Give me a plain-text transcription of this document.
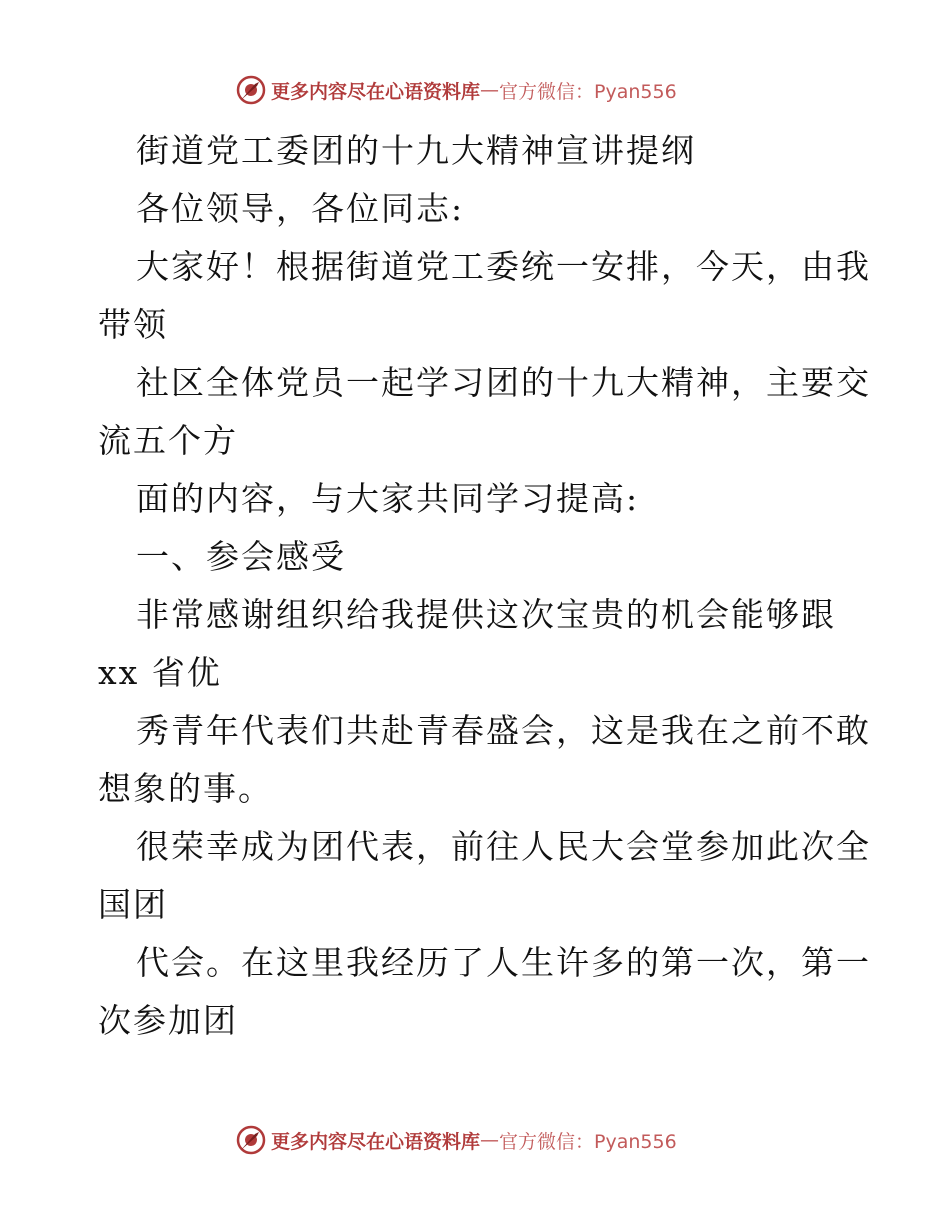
更多内容尽在心语资料库 — 官方微信：Pyan556
街道党工委团的十九大精神宣讲提纲
各位领导，各位同志:
大家好！根据街道党工委统一安排，今天，由我
带领
社区全体党员一起学习团的十九大精神，主要交
流五个方
面的内容，与大家共同学习提高:
一、参会感受
非常感谢组织给我提供这次宝贵的机会能够跟
xx 省优
秀青年代表们共赴青春盛会，这是我在之前不敢
想象的事。
很荣幸成为团代表，前往人民大会堂参加此次全
国团
代会。在这里我经历了人生许多的第一次，第一
次参加团
更多内容尽在心语资料库 — 官方微信：Pyan556
